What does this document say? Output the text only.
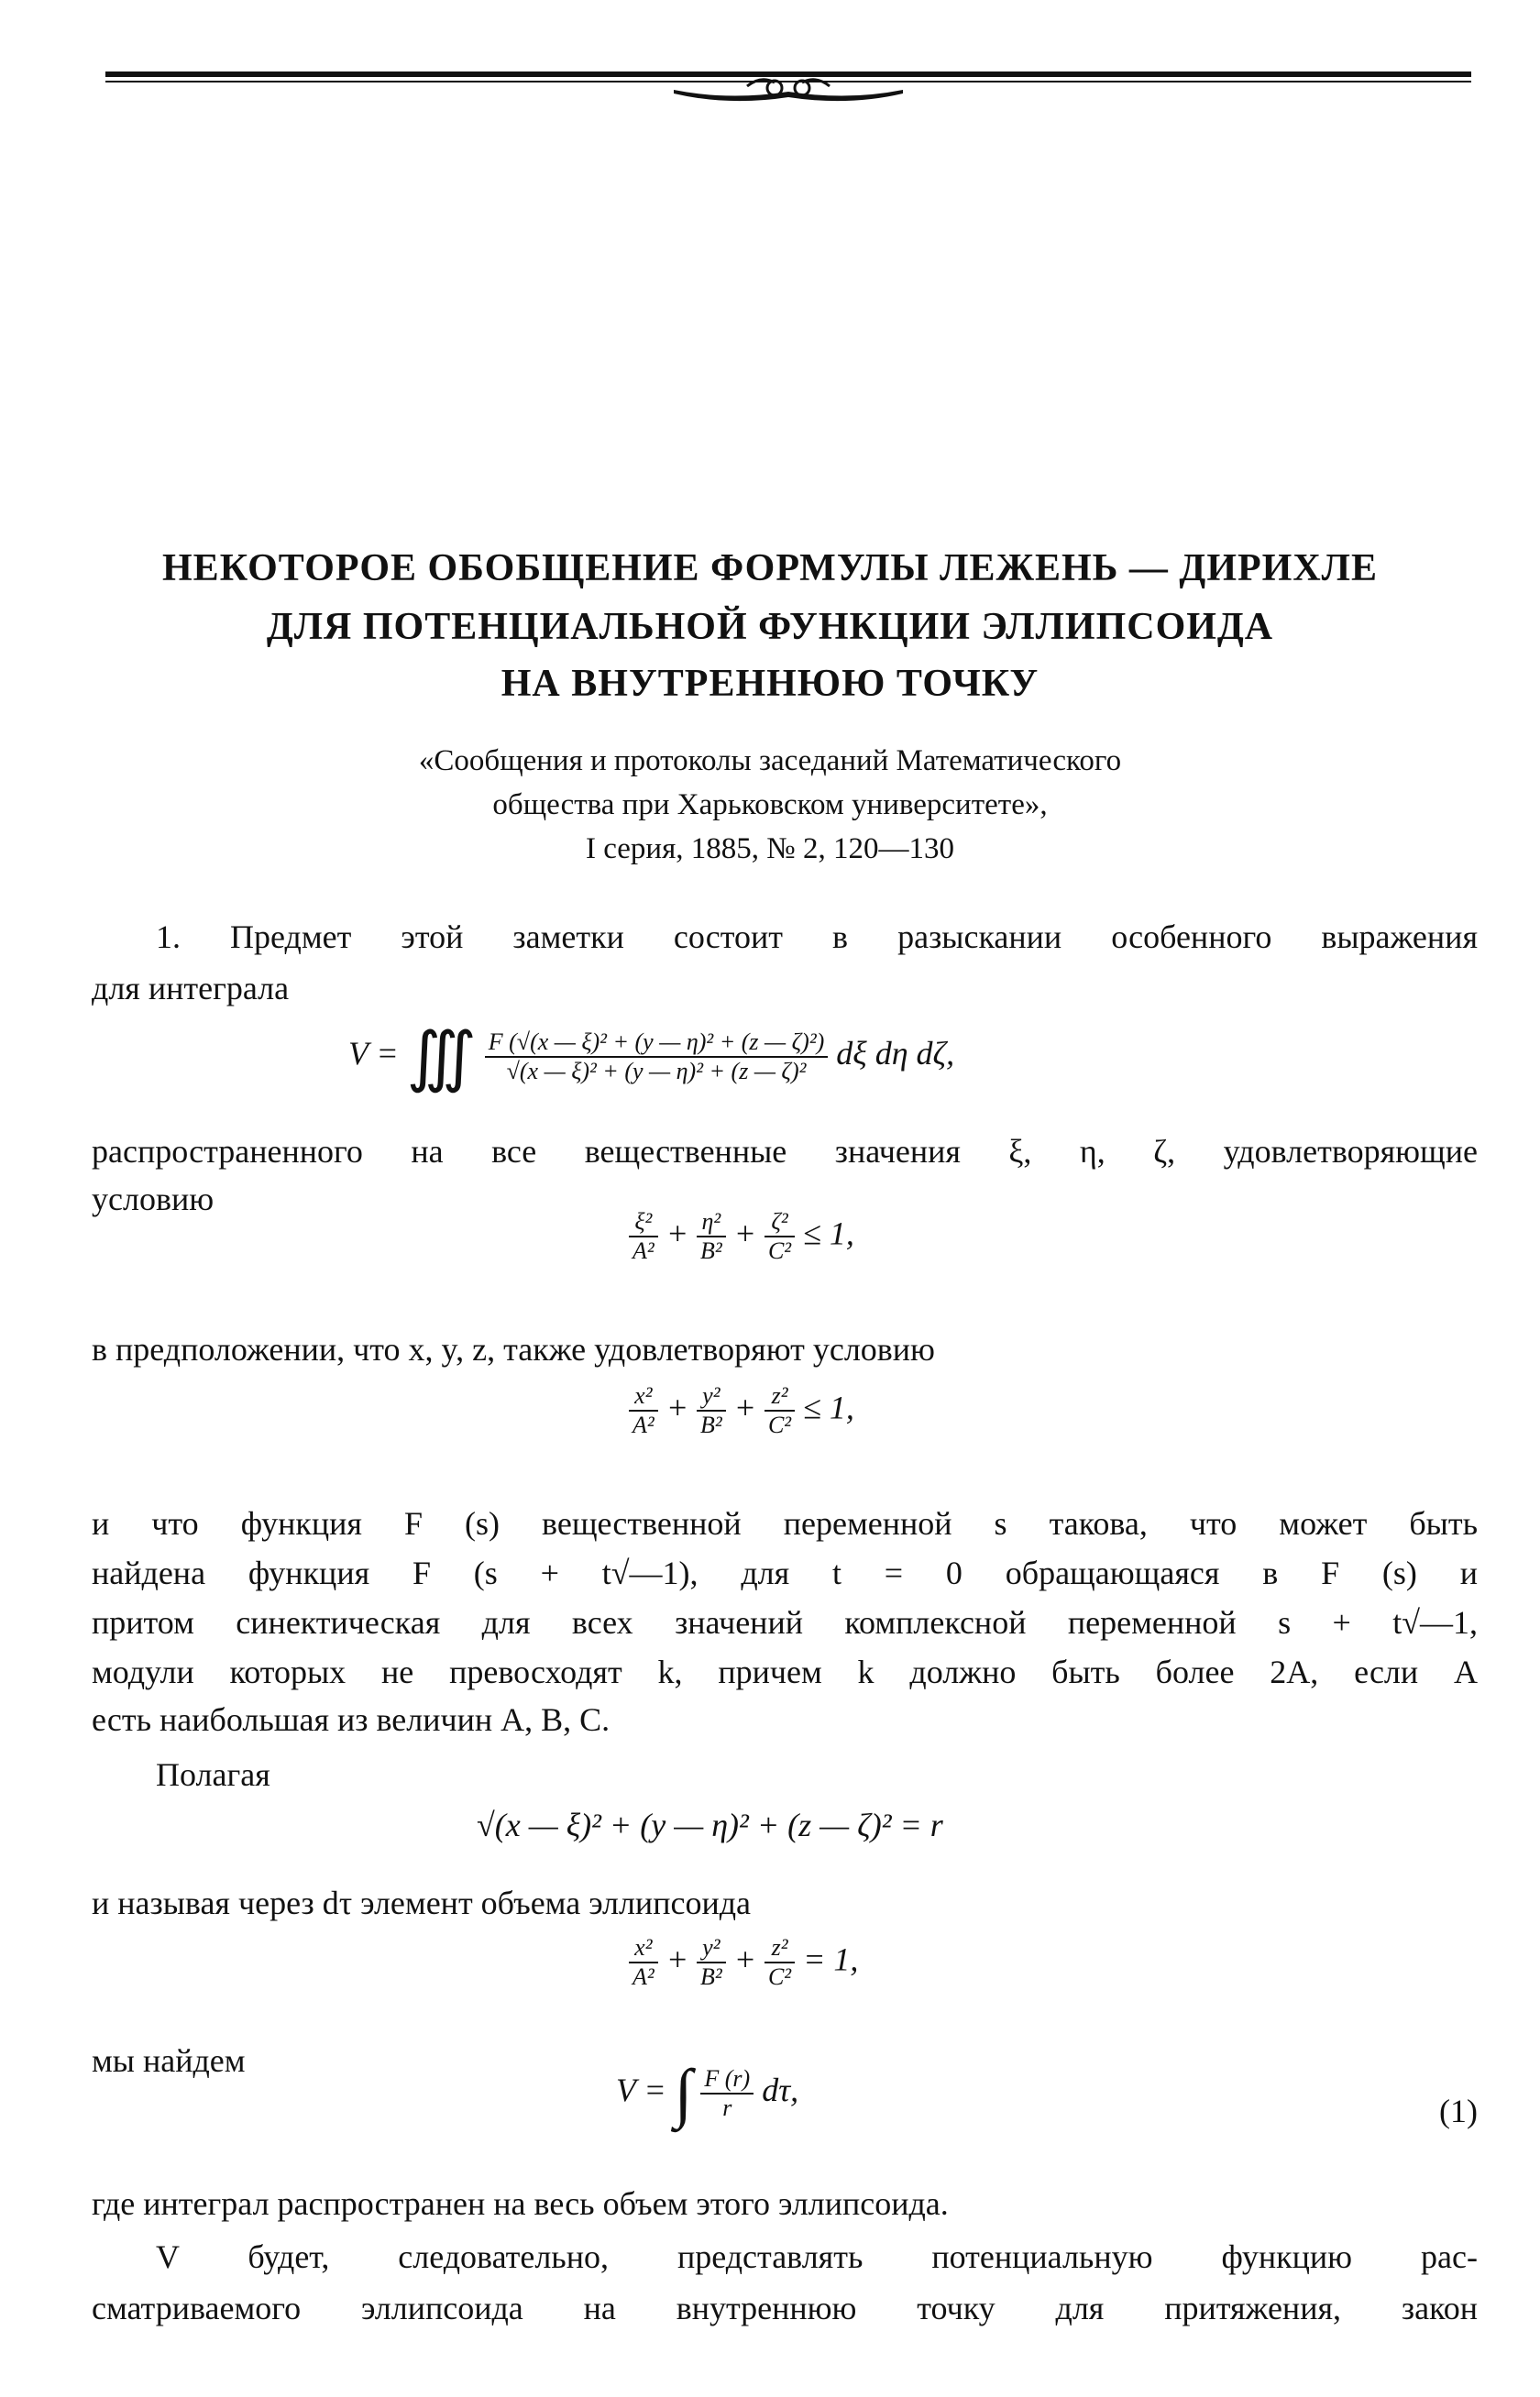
НЕКОТОРОЕ ОБОБЩЕНИЕ ФОРМУЛЫ ЛЕЖЕНЬ — ДИРИХЛЕ
ДЛЯ ПОТЕНЦИАЛЬНОЙ ФУНКЦИИ ЭЛЛИПСОИДА
НА ВНУТРЕННЮЮ ТОЧКУ
«Сообщения и протоколы заседаний Математического
общества при Харьковском университете»,
I серия, 1885, № 2, 120—130
1. Предмет этой заметки состоит в разыскании особенного выражения
для интеграла
V = ∭ $\frac{\text{F (√(x — ξ)² + (y — η)² + (z — ζ)²)}}{\text{√(x — ξ)² + (y — η)² + (z — ζ)²}}$ dξ dη dζ,
распространенного на все вещественные значения ξ, η, ζ, удовлетворяющие
условию
$\frac{\text{ξ²}}{\text{A²}} + \frac{\text{η²}}{\text{B²}} + \frac{\text{ζ²}}{\text{C²}} \le 1$,
в предположении, что x, y, z, также удовлетворяют условию
$\frac{\text{x²}}{\text{A²}} + \frac{\text{y²}}{\text{B²}} + \frac{\text{z²}}{\text{C²}} \le 1$,
и что функция F (s) вещественной переменной s такова, что может быть
найдена функция F (s + t√—1), для t = 0 обращающаяся в F (s) и
притом синектическая для всех значений комплексной переменной s + t√—1,
модули которых не превосходят k, причем k должно быть более 2A, если A
есть наибольшая из величин A, B, C.
Полагая
√(x — ξ)² + (y — η)² + (z — ζ)² = r
и называя через dτ элемент объема эллипсоида
$\frac{\text{x²}}{\text{A²}} + \frac{\text{y²}}{\text{B²}} + \frac{\text{z²}}{\text{C²}} = 1$,
мы найдем
V = ∫ $\frac{F (r)}{r} d\tau$,
(1)
где интеграл распространен на весь объем этого эллипсоида.
V будет, следовательно, представлять потенциальную функцию рас-
сматриваемого эллипсоида на внутреннюю точку для притяжения, закон
